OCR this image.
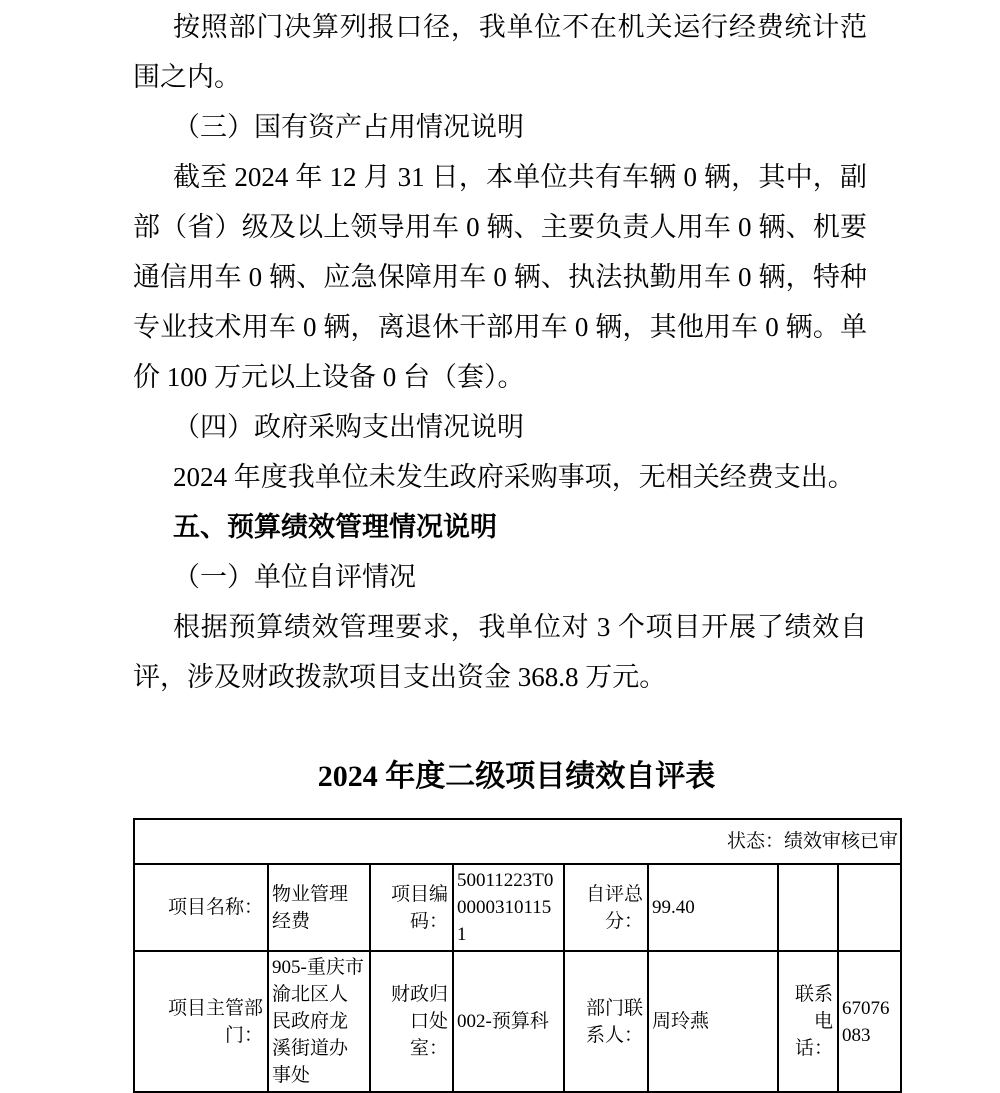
按照部门决算列报口径，我单位不在机关运行经费统计范围之内。

（三）国有资产占用情况说明

截至 2024 年 12 月 31 日，本单位共有车辆 0 辆，其中，副部（省）级及以上领导用车 0 辆、主要负责人用车 0 辆、机要通信用车 0 辆、应急保障用车 0 辆、执法执勤用车 0 辆，特种专业技术用车 0 辆，离退休干部用车 0 辆，其他用车 0 辆。单价 100 万元以上设备 0 台（套）。

（四）政府采购支出情况说明

2024 年度我单位未发生政府采购事项，无相关经费支出。

五、预算绩效管理情况说明

（一）单位自评情况

根据预算绩效管理要求，我单位对 3 个项目开展了绩效自评，涉及财政拨款项目支出资金 368.8 万元。

2024 年度二级项目绩效自评表
状态：绩效审核已审							
项目名称：	物业管理经费	项目编码：	50011223T000003101151	自评总分：	99.40		
项目主管部门：	905-重庆市渝北区人民政府龙溪街道办事处	财政归口处室：	002-预算科	部门联系人：	周玲燕	联系电话：	67076083
